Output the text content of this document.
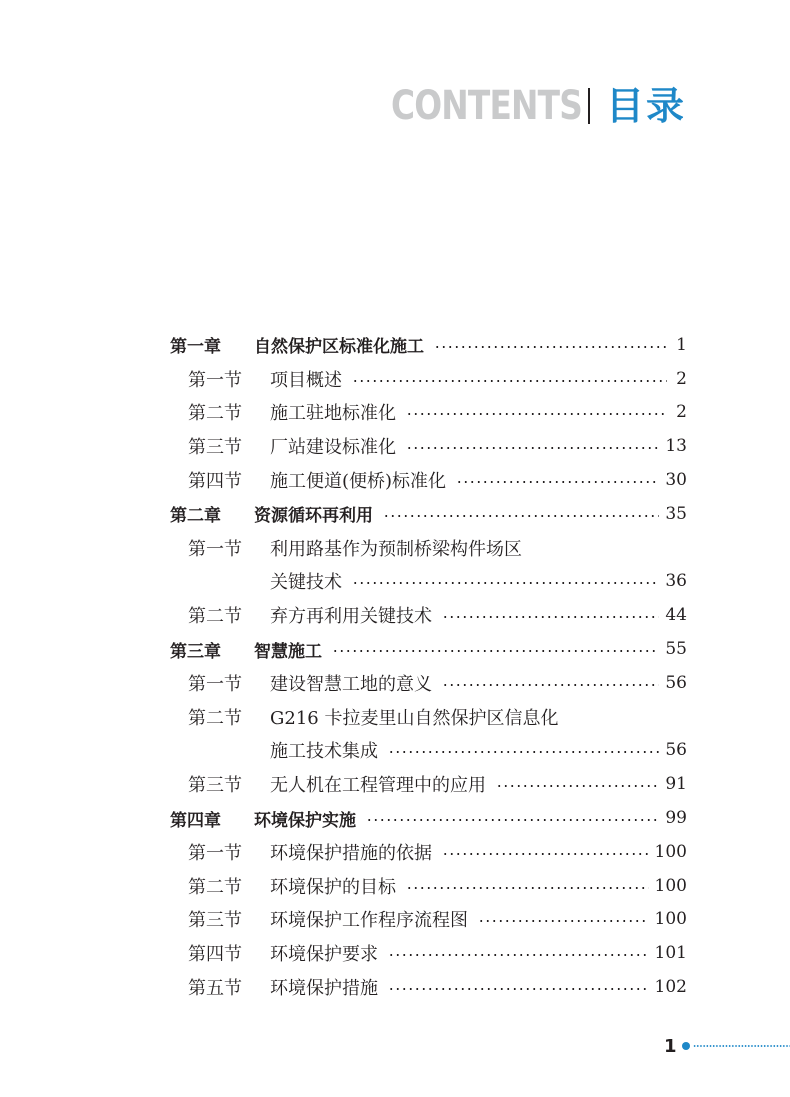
CONTENTS 目录
第一章	自然保护区标准化施工	1
第一节	项目概述	2
第二节	施工驻地标准化	2
第三节	厂站建设标准化	13
第四节	施工便道(便桥)标准化	30
第二章	资源循环再利用	35
第一节	利用路基作为预制桥梁构件场区
关键技术	36
第二节	弃方再利用关键技术	44
第三章	智慧施工	55
第一节	建设智慧工地的意义	56
第二节	G216 卡拉麦里山自然保护区信息化
施工技术集成	56
第三节	无人机在工程管理中的应用	91
第四章	环境保护实施	99
第一节	环境保护措施的依据	100
第二节	环境保护的目标	100
第三节	环境保护工作程序流程图	100
第四节	环境保护要求	101
第五节	环境保护措施	102
1
